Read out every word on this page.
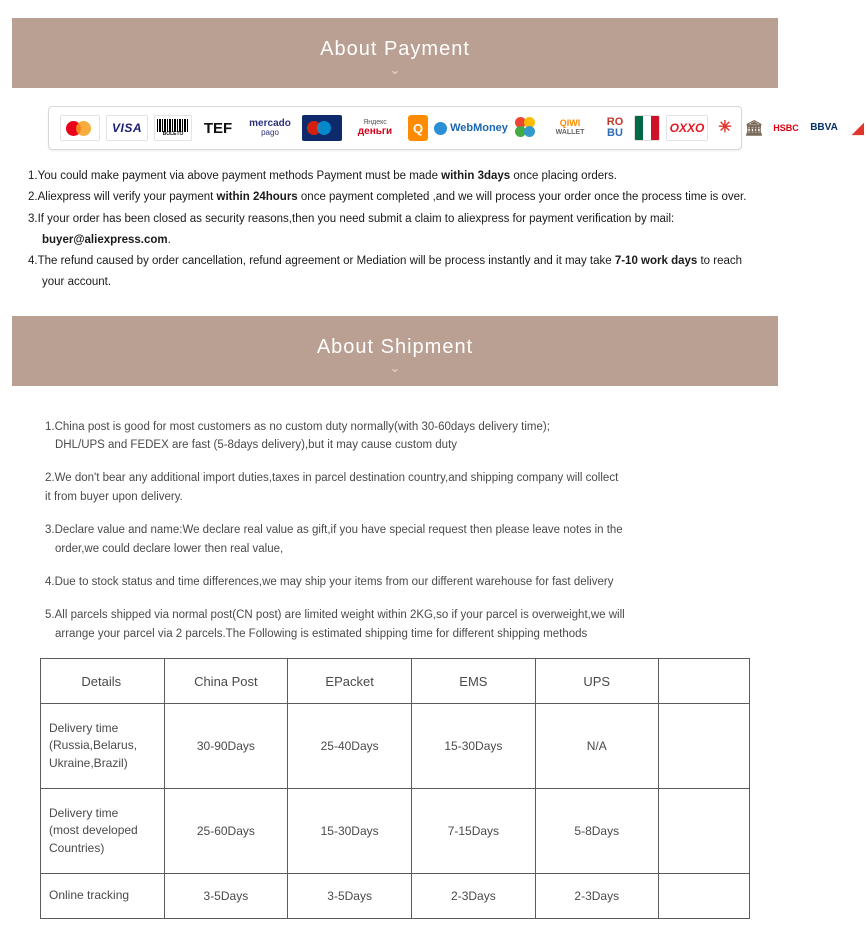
About Payment
⌄
VISA	BOLETO	TEF	mercado
pago
Яндекс
деньги	Q	WebMoney	QIWI
WALLET
RO
BU	OXXO ✳ 🏛 HSBC	BBVA ◢
1.You could make payment via above payment methods Payment must be made within 3days once placing orders.
2.Aliexpress will verify your payment within 24hours once payment completed ,and we will process your order once the process time is over.
3.If your order has been closed as security reasons,then you need submit a claim to aliexpress for payment verification by mail:
buyer@aliexpress.com.
4.The refund caused by order cancellation, refund agreement or Mediation will be process instantly and it may take 7-10 work days to reach
your account.
About Shipment
⌄
1.China post is good for most customers as no custom duty normally(with 30-60days delivery time);
DHL/UPS and FEDEX are fast (5-8days delivery),but it may cause custom duty
2.We don't bear any additional import duties,taxes in parcel destination country,and shipping company will collect
it from buyer upon delivery.
3.Declare value and name:We declare real value as gift,if you have special request then please leave notes in the
order,we could declare lower then real value,
4.Due to stock status and time differences,we may ship your items from our different warehouse for fast delivery
5.All parcels shipped via normal post(CN post) are limited weight within 2KG,so if your parcel is overweight,we will
arrange your parcel via 2 parcels.The Following is estimated shipping time for different shipping methods
Details	China Post	EPacket	EMS	UPS	

Delivery time
(Russia,Belarus,
Ukraine,Brazil)	30-90Days	25-40Days	15-30Days	N/A	

Delivery time
(most developed
Countries)	25-60Days	15-30Days	7-15Days	5-8Days	

Online tracking	3-5Days	3-5Days	2-3Days	2-3Days	
